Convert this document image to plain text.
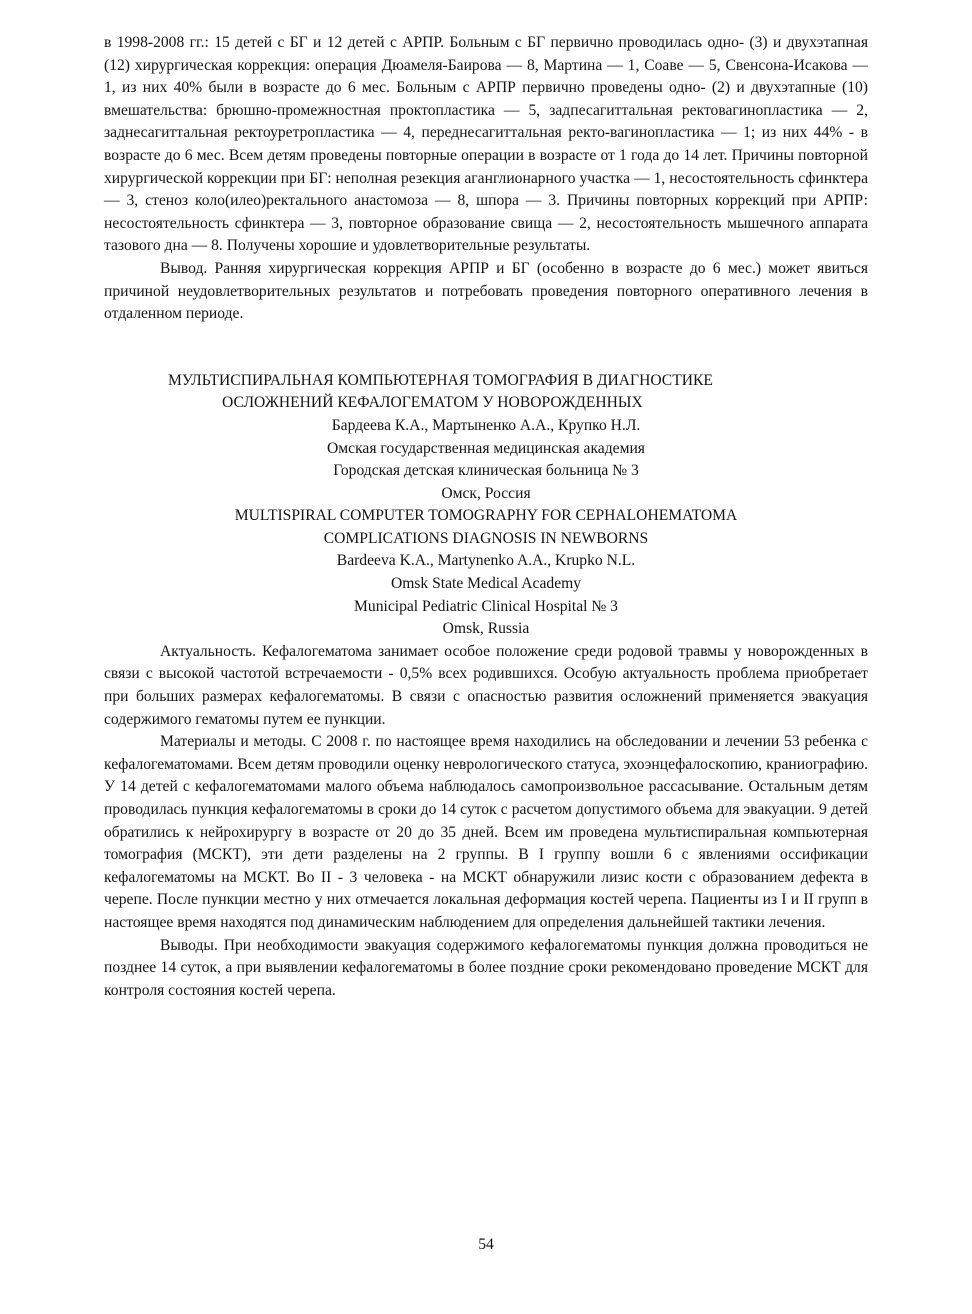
в 1998-2008 гг.: 15 детей с БГ и 12 детей с АРПР. Больным с БГ первично проводилась одно- (3) и двухэтапная (12) хирургическая коррекция: операция Дюамеля-Баирова — 8, Мартина — 1, Соаве — 5, Свенсона-Исакова — 1, из них 40% были в возрасте до 6 мес. Больным с АРПР первично проведены одно- (2) и двухэтапные (10) вмешательства: брюшно-промежностная проктопластика — 5, задпесагиттальная ректовагинопластика — 2, заднесагиттальная ректоуретропластика — 4, переднесагиттальная ректо-вагинопластика — 1; из них 44% - в возрасте до 6 мес. Всем детям проведены повторные операции в возрасте от 1 года до 14 лет. Причины повторной хирургической коррекции при БГ: неполная резекция аганглионарного участка — 1, несостоятельность сфинктера — 3, стеноз коло(илео)ректального анастомоза — 8, шпора — 3. Причины повторных коррекций при АРПР: несостоятельность сфинктера — 3, повторное образование свища — 2, несостоятельность мышечного аппарата тазового дна — 8. Получены хорошие и удовлетворительные результаты.

Вывод. Ранняя хирургическая коррекция АРПР и БГ (особенно в возрасте до 6 мес.) может явиться причиной неудовлетворительных результатов и потребовать проведения повторного оперативного лечения в отдаленном периоде.

МУЛЬТИСПИРАЛЬНАЯ КОМПЬЮТЕРНАЯ ТОМОГРАФИЯ В ДИАГНОСТИКЕ
ОСЛОЖНЕНИЙ КЕФАЛОГЕМАТОМ У НОВОРОЖДЕННЫХ
Бардеева К.А., Мартыненко А.А., Крупко Н.Л.
Омская государственная медицинская академия
Городская детская клиническая больница № 3
Омск, Россия
MULTISPIRAL COMPUTER TOMOGRAPHY FOR CEPHALOHEMATOMA
COMPLICATIONS DIAGNOSIS IN NEWBORNS
Bardeeva K.A., Martynenko A.A., Krupko N.L.
Omsk State Medical Academy
Municipal Pediatric Clinical Hospital № 3
Omsk, Russia

Актуальность. Кефалогематома занимает особое положение среди родовой травмы у новорожденных в связи с высокой частотой встречаемости - 0,5% всех родившихся. Особую актуальность проблема приобретает при больших размерах кефалогематомы. В связи с опасностью развития осложнений применяется эвакуация содержимого гематомы путем ее пункции.

Материалы и методы. С 2008 г. по настоящее время находились на обследовании и лечении 53 ребенка с кефалогематомами. Всем детям проводили оценку неврологического статуса, эхоэнцефалоскопию, краниографию. У 14 детей с кефалогематомами малого объема наблюдалось самопроизвольное рассасывание. Остальным детям проводилась пункция кефалогематомы в сроки до 14 суток с расчетом допустимого объема для эвакуации. 9 детей обратились к нейрохирургу в возрасте от 20 до 35 дней. Всем им проведена мультиспиральная компьютерная томография (МСКТ), эти дети разделены на 2 группы. В I группу вошли 6 с явлениями оссификации кефалогематомы на МСКТ. Во II - 3 человека - на МСКТ обнаружили лизис кости с образованием дефекта в черепе. После пункции местно у них отмечается локальная деформация костей черепа. Пациенты из I и II групп в настоящее время находятся под динамическим наблюдением для определения дальнейшей тактики лечения.

Выводы. При необходимости эвакуация содержимого кефалогематомы пункция должна проводиться не позднее 14 суток, а при выявлении кефалогематомы в более поздние сроки рекомендовано проведение МСКТ для контроля состояния костей черепа.

54
